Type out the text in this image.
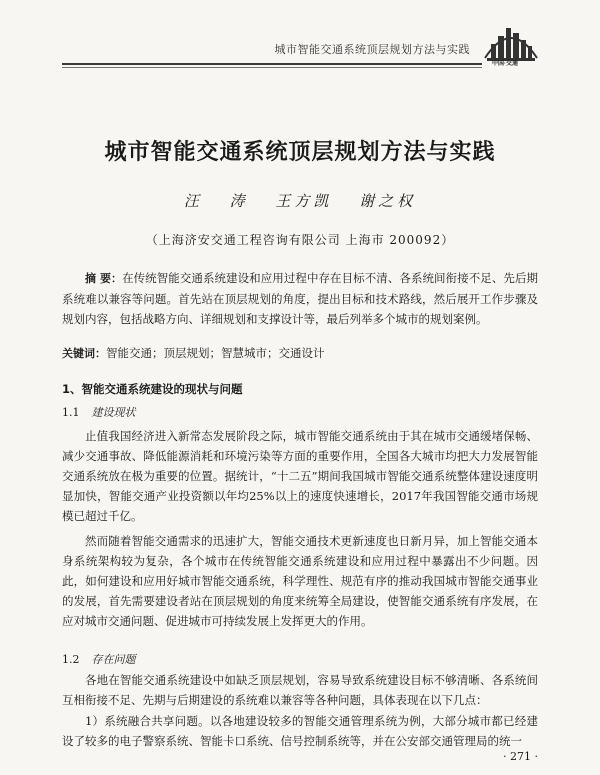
城市智能交通系统顶层规划方法与实践
中国·交通
城市智能交通系统顶层规划方法与实践
汪 涛 王方凯 谢之权
（上海济安交通工程咨询有限公司 上海市 200092）
摘 要：在传统智能交通系统建设和应用过程中存在目标不清、各系统间衔接不足、先后期系统难以兼容等问题。首先站在顶层规划的角度，提出目标和技术路线，然后展开工作步骤及规划内容，包括战略方向、详细规划和支撑设计等，最后列举多个城市的规划案例。
关键词：智能交通；顶层规划；智慧城市；交通设计
1、智能交通系统建设的现状与问题
1.1 建设现状
止值我国经济进入新常态发展阶段之际，城市智能交通系统由于其在城市交通缓堵保畅、减少交通事故、降低能源消耗和环境污染等方面的重要作用，全国各大城市均把大力发展智能交通系统放在极为重要的位置。据统计，“十二五”期间我国城市智能交通系统整体建设速度明显加快，智能交通产业投资额以年均25%以上的速度快速增长，2017年我国智能交通市场规模已超过千亿。
然而随着智能交通需求的迅速扩大，智能交通技术更新速度也日新月异，加上智能交通本身系统架构较为复杂，各个城市在传统智能交通系统建设和应用过程中暴露出不少问题。因此，如何建设和应用好城市智能交通系统，科学理性、规范有序的推动我国城市智能交通事业的发展，首先需要建设者站在顶层规划的角度来统筹全局建设，使智能交通系统有序发展，在应对城市交通问题、促进城市可持续发展上发挥更大的作用。
1.2 存在问题
各地在智能交通系统建设中如缺乏顶层规划，容易导致系统建设目标不够清晰、各系统间互相衔接不足、先期与后期建设的系统难以兼容等各种问题，具体表现在以下几点：
1）系统融合共享问题。以各地建设较多的智能交通管理系统为例，大部分城市都已经建设了较多的电子警察系统、智能卡口系统、信号控制系统等，并在公安部交通管理局的统一
· 271 ·
